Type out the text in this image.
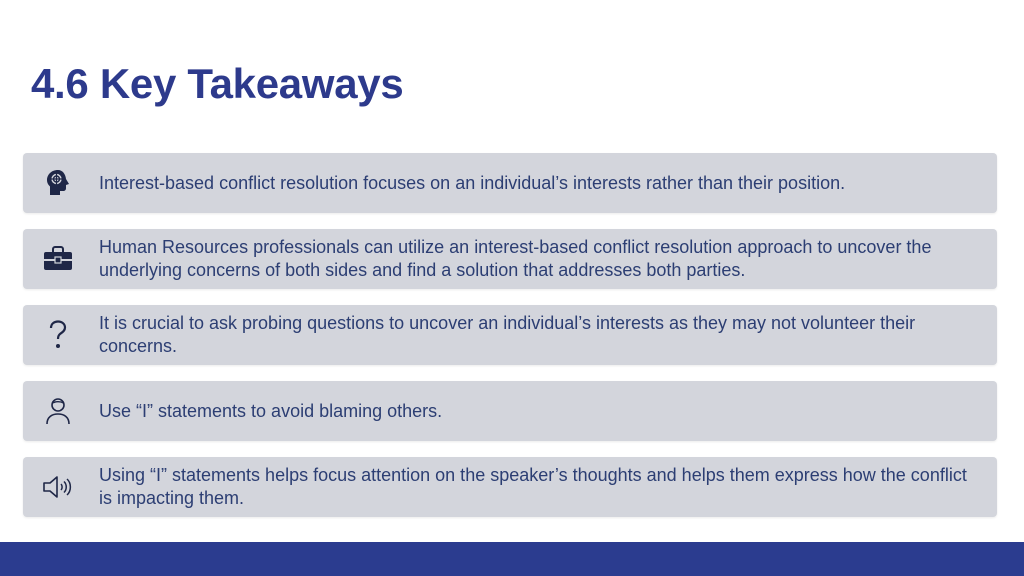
4.6 Key Takeaways
Interest-based conflict resolution focuses on an individual’s interests rather than their position.
Human Resources professionals can utilize an interest-based conflict resolution approach to uncover the underlying concerns of both sides and find a solution that addresses both parties.
It is crucial to ask probing questions to uncover an individual’s interests as they may not volunteer their concerns.
Use “I” statements to avoid blaming others.
Using “I” statements helps focus attention on the speaker’s thoughts and helps them express how the conflict is impacting them.
